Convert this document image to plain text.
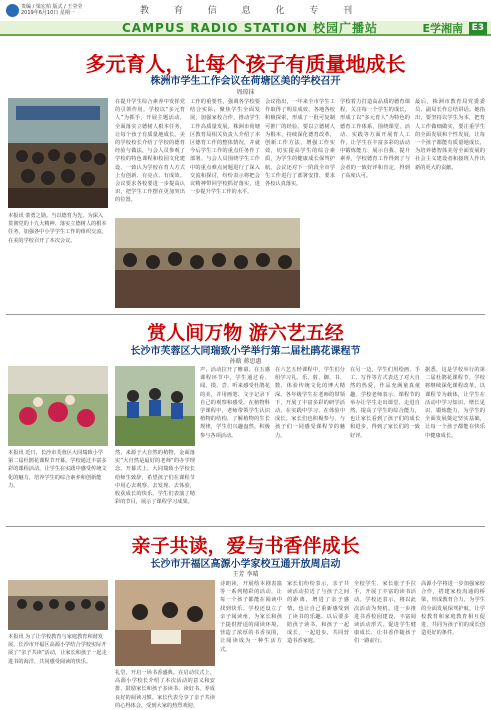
贵编 / 梁宏柏 版式 / 王莹莹
2019年6月10日 星期一	教 育 信 息 化 专 刊
CAMPUS RADIO STATION 校园广播站	E学湘南 E3
多元育人，让每个孩子有质量地成长
株洲市学生工作会议在荷塘区美的学校召开
周琼抹
本报讯 蒙勇之勋。当以德育为先、为深入贯彻党的十九大精神、落实立德树人的根本任务，加强各中小学学生工作的组织交流，在美的学校召开了本次会议。
在提升学生综合素养中发挥党的引领作用。学校以“多元育人”为抓手，开展主题活动，全面落实立德树人根本任务，让每个孩子有质量地成长。美的学校校长介绍了学校的德育经验与做法，与会人员参观了学校的特色课程和校园文化建设，一致认为学校在育人方式上有创新、有亮点、有成效。会议要求各校要进一步提高认识，把学生工作摆在更加突出的位置。
工作的重要性，强调各学校要结合实际，聚焦学生全面发展，加强家校合作，推动学生工作高质量发展。株洲市荷塘区教育局相关负责人介绍了本区德育工作的整体情况，并就今后学生工作的重点任务作了部署。与会人员围绕学生工作中的重点难点问题进行了深入交流和探讨，纷纷表示将把会议精神带回学校抓好落实，进一步提升学生工作的水平。
会议指出，一年来全市学生工作取得了明显成效，各地各校积极探索，形成了一批可复制可推广的经验。要以立德树人为根本，持续深化德育改革，创新工作方法，增强工作实效，切实提高学生的综合素质，为学生的健康成长保驾护航。会议还对下一阶段全市学生工作进行了部署安排，要求各校认真落实。
学校着力打造高品质的德育课程，关注每一个学生的成长，形成了以“多元育人”为特色的德育工作体系，围绕课堂、活动、实践等方面开展育人工作，让学生在丰富多彩的活动中锻炼能力、展示自我、提升素养，学校德育工作得到了与会者的一致好评和肯定，得到了高度认可。
最后，株洲市教育局党委委员、副局长作总结讲话。她指出，要坚持以学生为本，把育人工作做细做实，要注重学生的全面发展和个性发展，让每一个孩子都能有质量地成长，为培养德智体美劳全面发展的社会主义建设者和接班人作出新的更大的贡献。
赏人间万物 游六艺五经
长沙市芙蓉区大同瑞致小学举行第二届杜鹃花课程节
孙晗 蒋思惠
本报讯 近日，长沙市芙蓉区大同瑞致小学第二届杜鹃花课程节开幕。学校通过丰富多彩的课程活动，让学生在实践中感受传统文化的魅力，培养学生的综合素养和创新能力。
然，来源于大自然的植物，金面落实“大自然是最好的老师”的办学理念。开幕式上，大同瑞致小学校长给师生致辞，希望孩子们在课程节中用心去观察、去发现、去体验，收获成长的快乐。学生们表演了精彩的节目，展示了课程学习成果。
声，活动拉开了帷幕。在五感课程环节中，学生通过看、闻、摸、尝、听来感受杜鹃花的美，并用画笔、文字记录下自己的观察和感受。在植物科学课程中，老师带领学生认识植物的结构，了解植物的生长规律，学生们兴趣盎然，积极参与各项活动。
在六艺五经课程中，学生们分组学习礼、乐、射、御、书、数，体验传统文化的博大精深。各年级学生在老师的带领下，开展了丰富多彩的研学活动，在实践中学习、在体验中成长。家长们也积极参与，与孩子们一同感受课程节的魅力。
在另一边，学生们用绘画、手工、写作等方式表达了对大自然的热爱，作品充满童真童趣。学校老师表示，课程节的举办让学生走出课堂、走进自然，提高了学生的综合能力，也让家长看到了孩子们的成长和进步，得到了家长们的一致好评。
据悉，这是学校举行的第二届杜鹃花课程节。学校将继续深化课程改革，以课程节为载体，让学生在活动中学习知识、增长见识、锻炼能力，为学生的全面发展奠定坚实基础，让每一个孩子都能在快乐中健康成长。
亲子共读，爱与书香伴成长
长沙市开福区高源小学家校互通开放周启动
王芳 李晴
本报讯 为了让学校教育与家庭教育和谐发展，长沙市开福区高源小学结合学校实际开展了“亲子共读”活动，让家长和孩子一起走进书的海洋，共同感受阅读的快乐。
礼堂，开启一场书香盛典。在启动仪式上，高源小学校长介绍了本次活动的意义和安排，鼓励家长和孩子多读书、读好书，养成良好的阅读习惯。家长代表分享了亲子共读的心得体会，受到大家的热烈欢迎。
诗朗读，开展绘本剧表演等一系列精彩的活动，让每一个孩子都能在阅读中找到快乐。学校还设立了亲子阅读角，为家长和孩子提供舒适的阅读环境，营造了浓厚的书香氛围，让阅读成为一种生活方式。
家长们纷纷表示，亲子共读活动拉近了与孩子之间的距离，增进了亲子感情，也让自己重新感受到了读书的乐趣。以后要多陪孩子读书，和孩子一起成长，一起进步，共同营造书香家庭。
全校学生、家长旅子手拉手，开展了丰富的读书活动。学校还表示，将以此次活动为契机，进一步推进书香校园建设，丰富阅读活动形式，促进学生健康成长，让书香伴随孩子们一路前行。
高源小学将进一步加强家校合作，搭建家校沟通的桥梁，形成教育合力，为学生的全面发展保驾护航，让学校教育和家庭教育相互促进，共同为孩子们的成长创造更好的条件。
